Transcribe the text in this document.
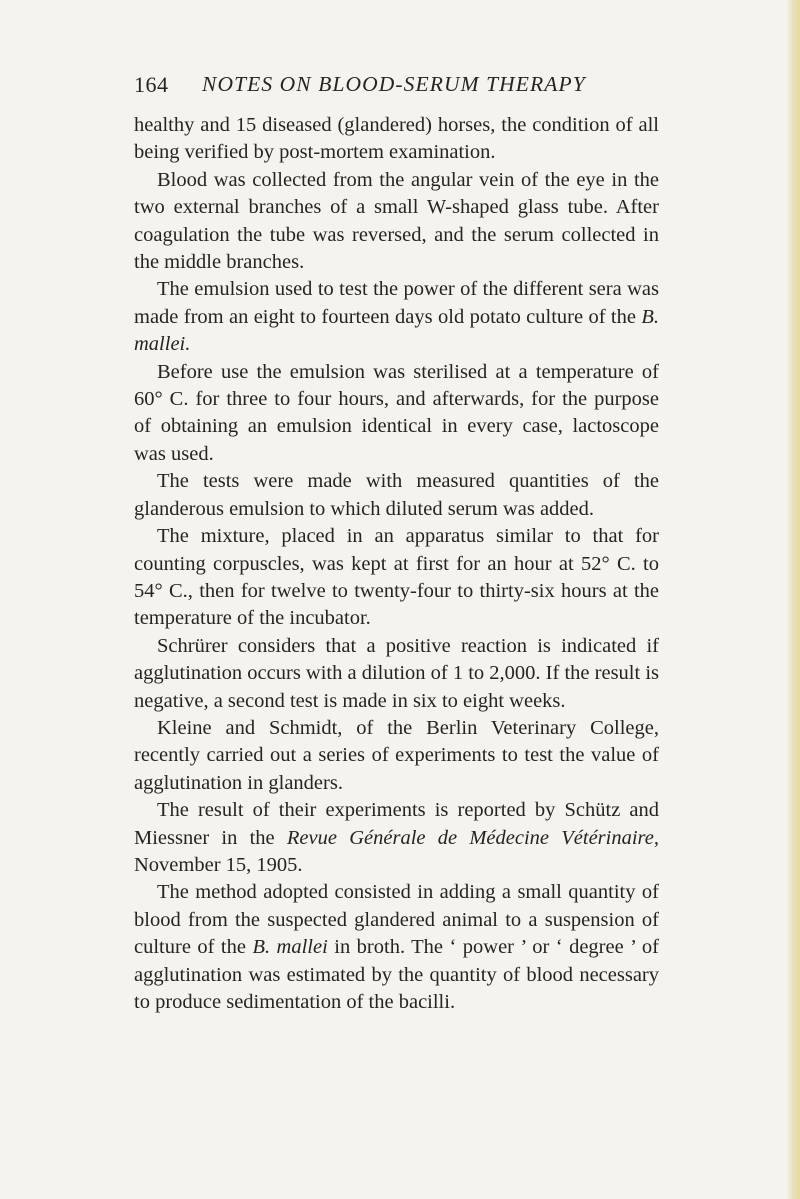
164 NOTES ON BLOOD-SERUM THERAPY

healthy and 15 diseased (glandered) horses, the condition of all being verified by post-mortem examination.

Blood was collected from the angular vein of the eye in the two external branches of a small W-shaped glass tube. After coagulation the tube was reversed, and the serum collected in the middle branches.

The emulsion used to test the power of the different sera was made from an eight to fourteen days old potato culture of the B. mallei.

Before use the emulsion was sterilised at a temperature of 60° C. for three to four hours, and afterwards, for the purpose of obtaining an emulsion identical in every case, lactoscope was used.

The tests were made with measured quantities of the glanderous emulsion to which diluted serum was added.

The mixture, placed in an apparatus similar to that for counting corpuscles, was kept at first for an hour at 52° C. to 54° C., then for twelve to twenty-four to thirty-six hours at the temperature of the incubator.

Schrürer considers that a positive reaction is indicated if agglutination occurs with a dilution of 1 to 2,000. If the result is negative, a second test is made in six to eight weeks.

Kleine and Schmidt, of the Berlin Veterinary College, recently carried out a series of experiments to test the value of agglutination in glanders.

The result of their experiments is reported by Schütz and Miessner in the Revue Générale de Médecine Vétérinaire, November 15, 1905.

The method adopted consisted in adding a small quantity of blood from the suspected glandered animal to a suspension of culture of the B. mallei in broth. The ‘ power ’ or ‘ degree ’ of agglutination was estimated by the quantity of blood necessary to produce sedimentation of the bacilli.
